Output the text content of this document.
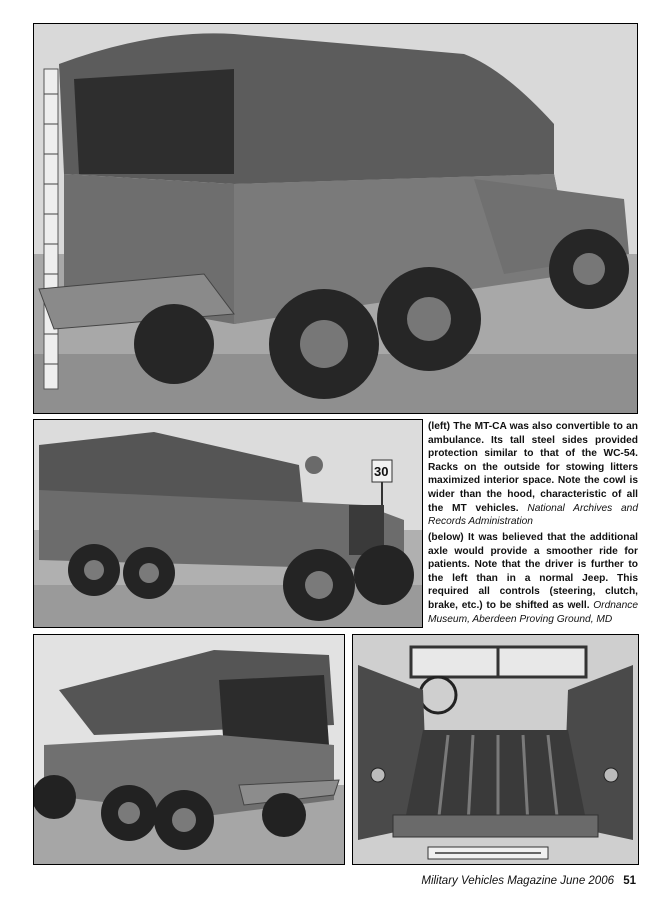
30
(left) The MT-CA was also convertible to an ambulance. Its tall steel sides provided protection similar to that of the WC-54. Racks on the outside for stowing litters maximized interior space. Note the cowl is wider than the hood, characteristic of all the MT vehicles. National Archives and Records Administration
(below) It was believed that the additional axle would provide a smoother ride for patients. Note that the driver is further to the left than in a normal Jeep. This required all controls (steering, clutch, brake, etc.) to be shifted as well. Ordnance Museum, Aberdeen Proving Ground, MD
Military Vehicles Magazine June 2006 51
